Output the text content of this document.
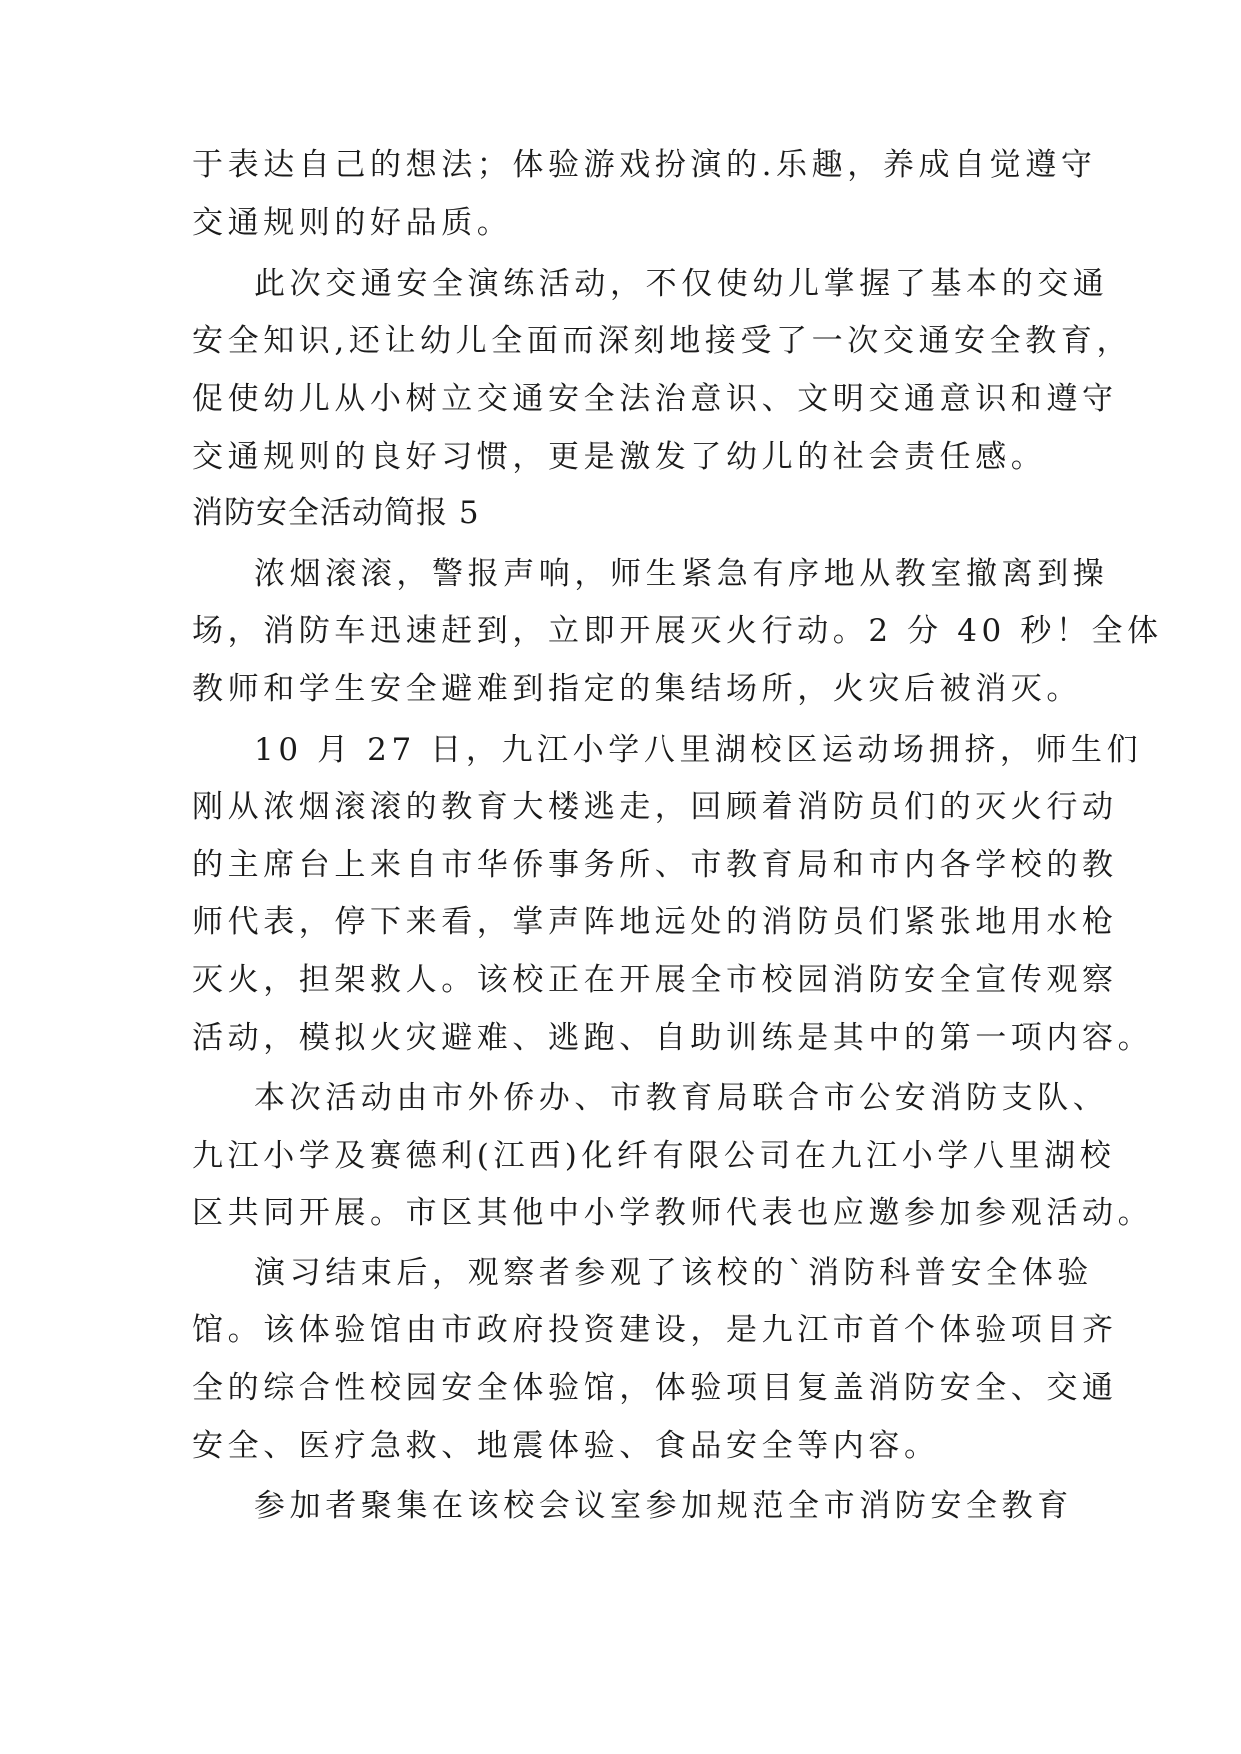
于表达自己的想法；体验游戏扮演的.乐趣，养成自觉遵守
交通规则的好品质。
此次交通安全演练活动，不仅使幼儿掌握了基本的交通
安全知识,还让幼儿全面而深刻地接受了一次交通安全教育，
促使幼儿从小树立交通安全法治意识、文明交通意识和遵守
交通规则的良好习惯，更是激发了幼儿的社会责任感。
消防安全活动简报 5
浓烟滚滚，警报声响，师生紧急有序地从教室撤离到操
场，消防车迅速赶到，立即开展灭火行动。2 分 40 秒！全体
教师和学生安全避难到指定的集结场所，火灾后被消灭。
10 月 27 日，九江小学八里湖校区运动场拥挤，师生们
刚从浓烟滚滚的教育大楼逃走，回顾着消防员们的灭火行动
的主席台上来自市华侨事务所、市教育局和市内各学校的教
师代表，停下来看，掌声阵地远处的消防员们紧张地用水枪
灭火，担架救人。该校正在开展全市校园消防安全宣传观察
活动，模拟火灾避难、逃跑、自助训练是其中的第一项内容。
本次活动由市外侨办、市教育局联合市公安消防支队、
九江小学及赛德利(江西)化纤有限公司在九江小学八里湖校
区共同开展。市区其他中小学教师代表也应邀参加参观活动。
演习结束后，观察者参观了该校的`消防科普安全体验
馆。该体验馆由市政府投资建设，是九江市首个体验项目齐
全的综合性校园安全体验馆，体验项目复盖消防安全、交通
安全、医疗急救、地震体验、食品安全等内容。
参加者聚集在该校会议室参加规范全市消防安全教育
